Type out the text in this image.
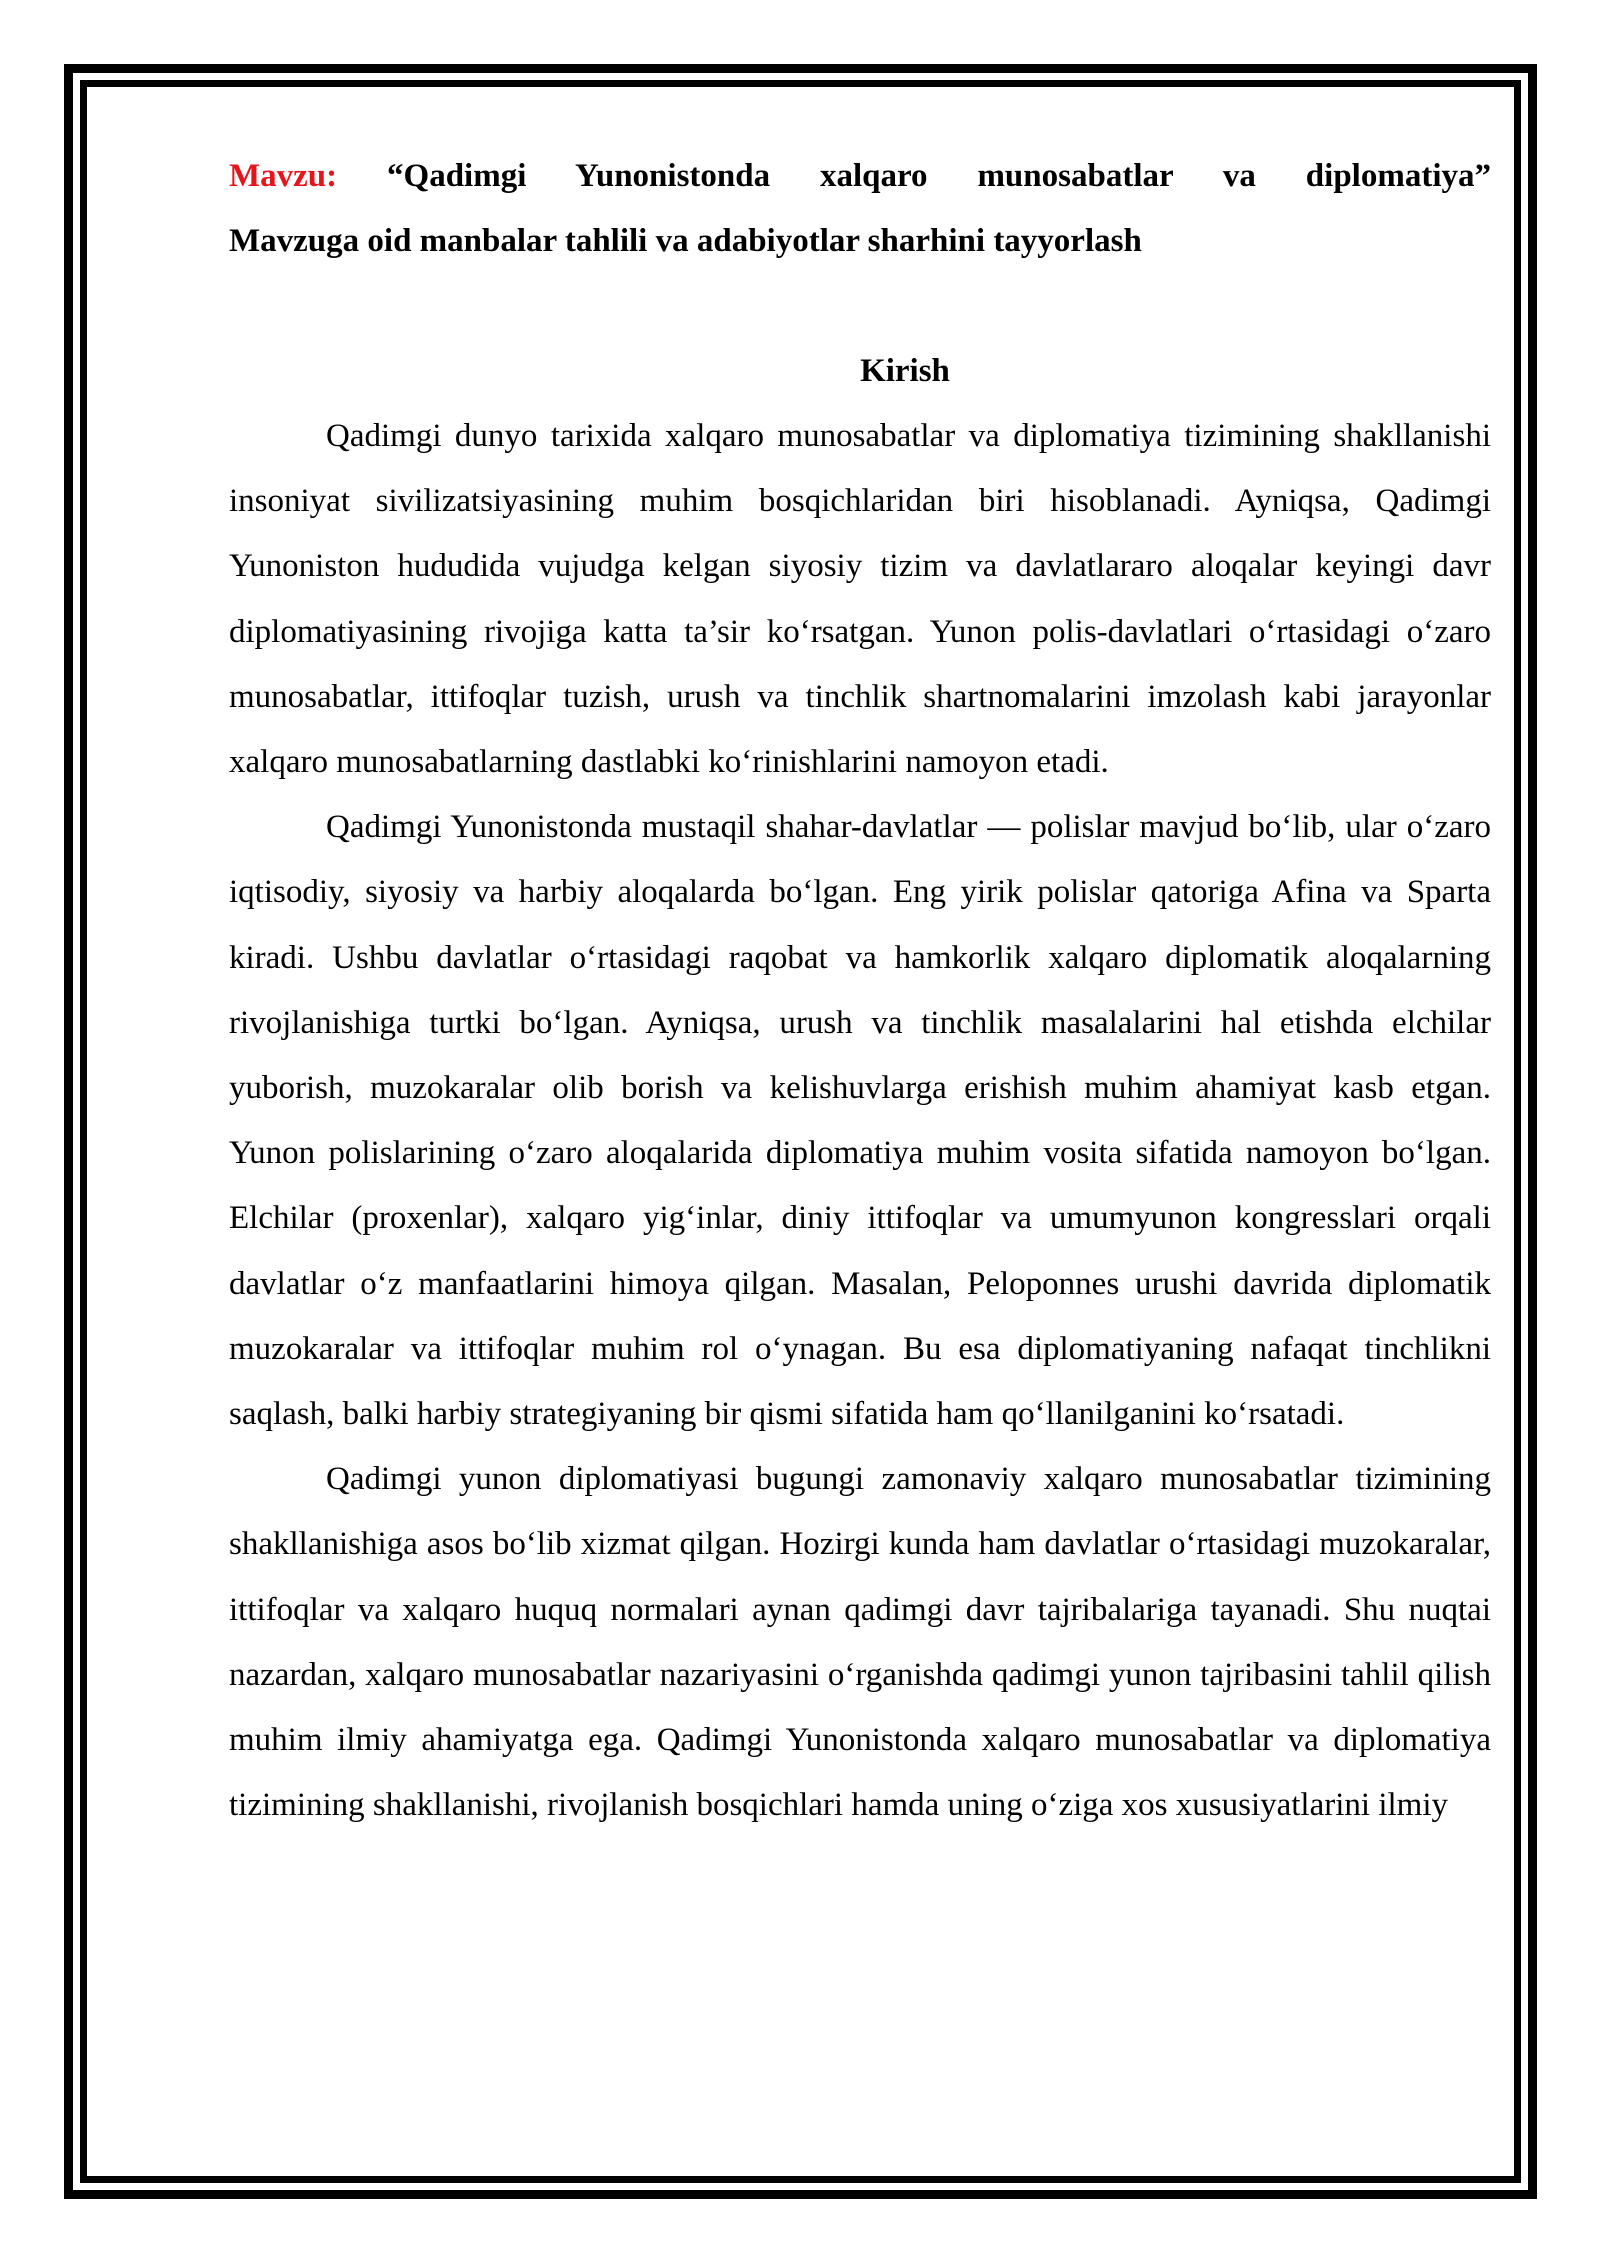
Mavzu: “Qadimgi Yunonistonda xalqaro munosabatlar va diplomatiya”
Mavzuga oid manbalar tahlili va adabiyotlar sharhini tayyorlash
Kirish

Qadimgi dunyo tarixida xalqaro munosabatlar va diplomatiya tizimining shakllanishi insoniyat sivilizatsiyasining muhim bosqichlaridan biri hisoblanadi. Ayniqsa, Qadimgi Yunoniston hududida vujudga kelgan siyosiy tizim va davlatlararo aloqalar keyingi davr diplomatiyasining rivojiga katta ta’sir ko‘rsatgan. Yunon polis-davlatlari o‘rtasidagi o‘zaro munosabatlar, ittifoqlar tuzish, urush va tinchlik shartnomalarini imzolash kabi jarayonlar xalqaro munosabatlarning dastlabki ko‘rinishlarini namoyon etadi.

Qadimgi Yunonistonda mustaqil shahar-davlatlar — polislar mavjud bo‘lib, ular o‘zaro iqtisodiy, siyosiy va harbiy aloqalarda bo‘lgan. Eng yirik polislar qatoriga Afina va Sparta kiradi. Ushbu davlatlar o‘rtasidagi raqobat va hamkorlik xalqaro diplomatik aloqalarning rivojlanishiga turtki bo‘lgan. Ayniqsa, urush va tinchlik masalalarini hal etishda elchilar yuborish, muzokaralar olib borish va kelishuvlarga erishish muhim ahamiyat kasb etgan. Yunon polislarining o‘zaro aloqalarida diplomatiya muhim vosita sifatida namoyon bo‘lgan. Elchilar (proxenlar), xalqaro yig‘inlar, diniy ittifoqlar va umumyunon kongresslari orqali davlatlar o‘z manfaatlarini himoya qilgan. Masalan, Peloponnes urushi davrida diplomatik muzokaralar va ittifoqlar muhim rol o‘ynagan. Bu esa diplomatiyaning nafaqat tinchlikni saqlash, balki harbiy strategiyaning bir qismi sifatida ham qo‘llanilganini ko‘rsatadi.

Qadimgi yunon diplomatiyasi bugungi zamonaviy xalqaro munosabatlar tizimining shakllanishiga asos bo‘lib xizmat qilgan. Hozirgi kunda ham davlatlar o‘rtasidagi muzokaralar, ittifoqlar va xalqaro huquq normalari aynan qadimgi davr tajribalariga tayanadi. Shu nuqtai nazardan, xalqaro munosabatlar nazariyasini o‘rganishda qadimgi yunon tajribasini tahlil qilish muhim ilmiy ahamiyatga ega. Qadimgi Yunonistonda xalqaro munosabatlar va diplomatiya tizimining shakllanishi, rivojlanish bosqichlari hamda uning o‘ziga xos xususiyatlarini ilmiy
